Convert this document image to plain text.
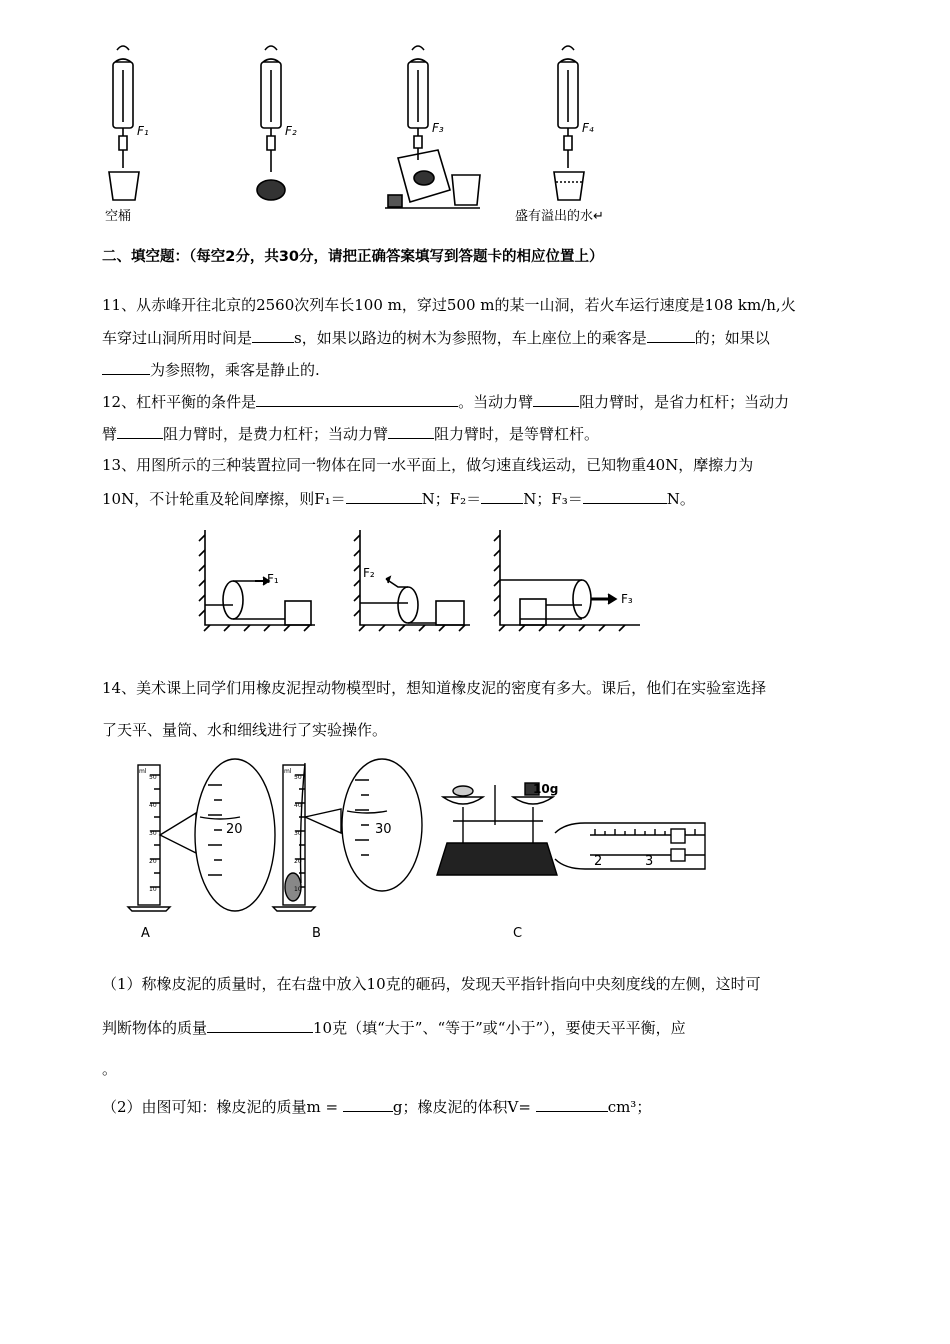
F₁	F₂	F₃	F₄
空桶	盛有溢出的水↵
二、填空题：（每空2分，共30分，请把正确答案填写到答题卡的相应位置上）
11、从赤峰开往北京的2560次列车长100 m，穿过500 m的某一山洞，若火车运行速度是108 km/h,火
车穿过山洞所用时间是	s，如果以路边的树木为参照物，车上座位上的乘客是	的；如果以
为参照物，乘客是静止的.
12、杠杆平衡的条件是	。当动力臂	阻力臂时，是省力杠杆；当动力
臂	阻力臂时，是费力杠杆；当动力臂	阻力臂时，是等臂杠杆。
13、用图所示的三种装置拉同一物体在同一水平面上，做匀速直线运动，已知物重40N，摩擦力为
10N，不计轮重及轮间摩擦，则F₁＝	N；F₂＝	N；F₃＝	N。
F₁	F₂
F₃
14、美术课上同学们用橡皮泥捏动物模型时，想知道橡皮泥的密度有多大。课后，他们在实验室选择
了天平、量筒、水和细线进行了实验操作。
ml
50
40
30
20
10
ml
50
40
30
20
10
20	30
10g
2	3
A	B	C
（1）称橡皮泥的质量时，在右盘中放入10克的砸码，发现天平指针指向中央刻度线的左侧，这时可
判断物体的质量	10克（填“大于”、“等于”或“小于”），要使天平平衡，应
。
（2）由图可知：橡皮泥的质量m =	g；橡皮泥的体积V=	cm³；
